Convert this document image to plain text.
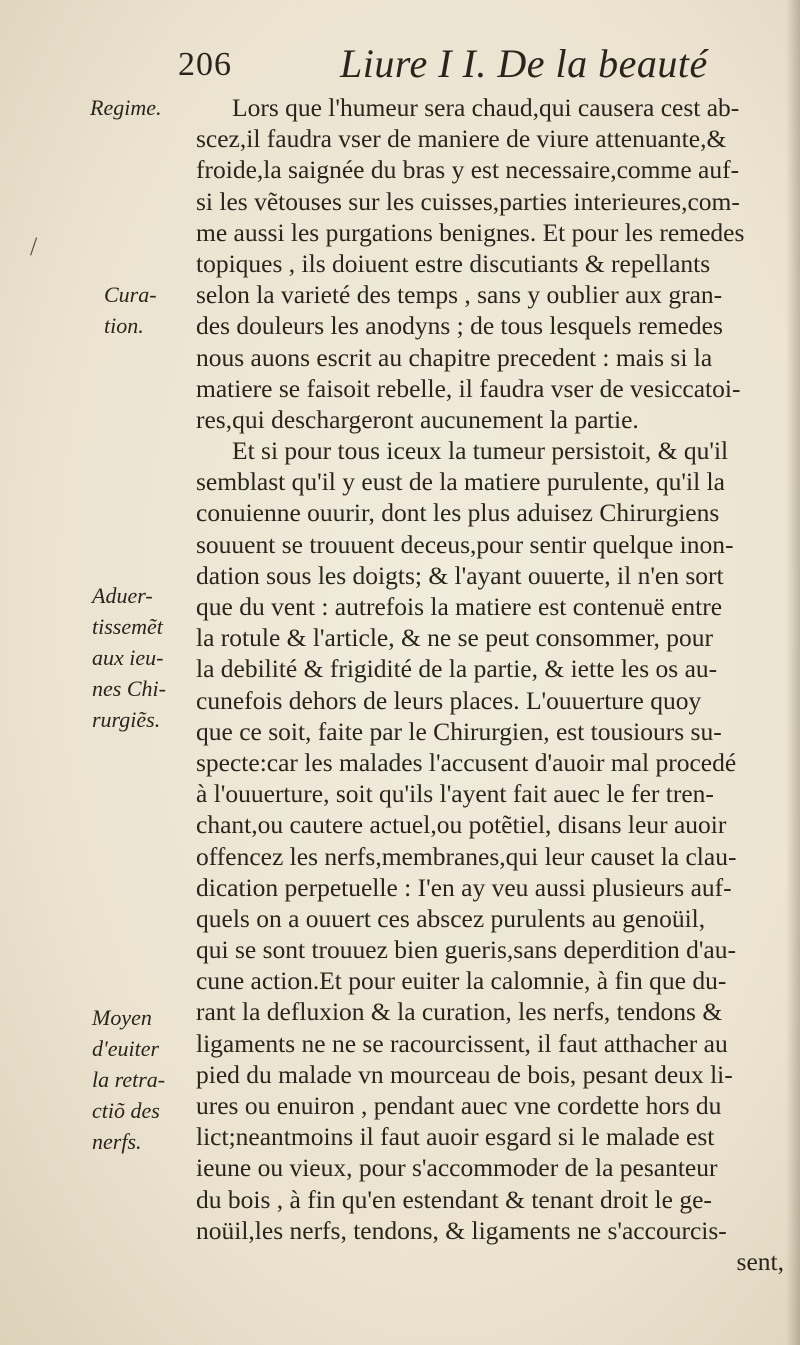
206	Liure I I. De la beauté
Regime.
Cura-
tion.
Aduer-
tissemẽt
aux ieu-
nes Chi-
rurgiẽs.
Moyen
d'euiter
la retra-
ctiõ des
nerfs.
/
Lors que l'humeur sera chaud,qui causera cest ab-
scez,il faudra vser de maniere de viure attenuante,&
froide,la saignée du bras y est necessaire,comme auf-
si les vẽtouses sur les cuisses,parties interieures,com-
me aussi les purgations benignes. Et pour les remedes
topiques , ils doiuent estre discutiants & repellants
selon la varieté des temps , sans y oublier aux gran-
des douleurs les anodyns ; de tous lesquels remedes
nous auons escrit au chapitre precedent : mais si la
matiere se faisoit rebelle, il faudra vser de vesiccatoi-
res,qui deschargeront aucunement la partie.
Et si pour tous iceux la tumeur persistoit, & qu'il
semblast qu'il y eust de la matiere purulente, qu'il la
conuienne ouurir, dont les plus aduisez Chirurgiens
souuent se trouuent deceus,pour sentir quelque inon-
dation sous les doigts; & l'ayant ouuerte, il n'en sort
que du vent : autrefois la matiere est contenuë entre
la rotule & l'article, & ne se peut consommer, pour
la debilité & frigidité de la partie, & iette les os au-
cunefois dehors de leurs places. L'ouuerture quoy
que ce soit, faite par le Chirurgien, est tousiours su-
specte:car les malades l'accusent d'auoir mal procedé
à l'ouuerture, soit qu'ils l'ayent fait auec le fer tren-
chant,ou cautere actuel,ou potẽtiel, disans leur auoir
offencez les nerfs,membranes,qui leur causet la clau-
dication perpetuelle : I'en ay veu aussi plusieurs auf-
quels on a ouuert ces abscez purulents au genoüil,
qui se sont trouuez bien gueris,sans deperdition d'au-
cune action.Et pour euiter la calomnie, à fin que du-
rant la defluxion & la curation, les nerfs, tendons &
ligaments ne ne se racourcissent, il faut atthacher au
pied du malade vn mourceau de bois, pesant deux li-
ures ou enuiron , pendant auec vne cordette hors du
lict;neantmoins il faut auoir esgard si le malade est
ieune ou vieux, pour s'accommoder de la pesanteur
du bois , à fin qu'en estendant & tenant droit le ge-
noüil,les nerfs, tendons, & ligaments ne s'accourcis-
sent,
